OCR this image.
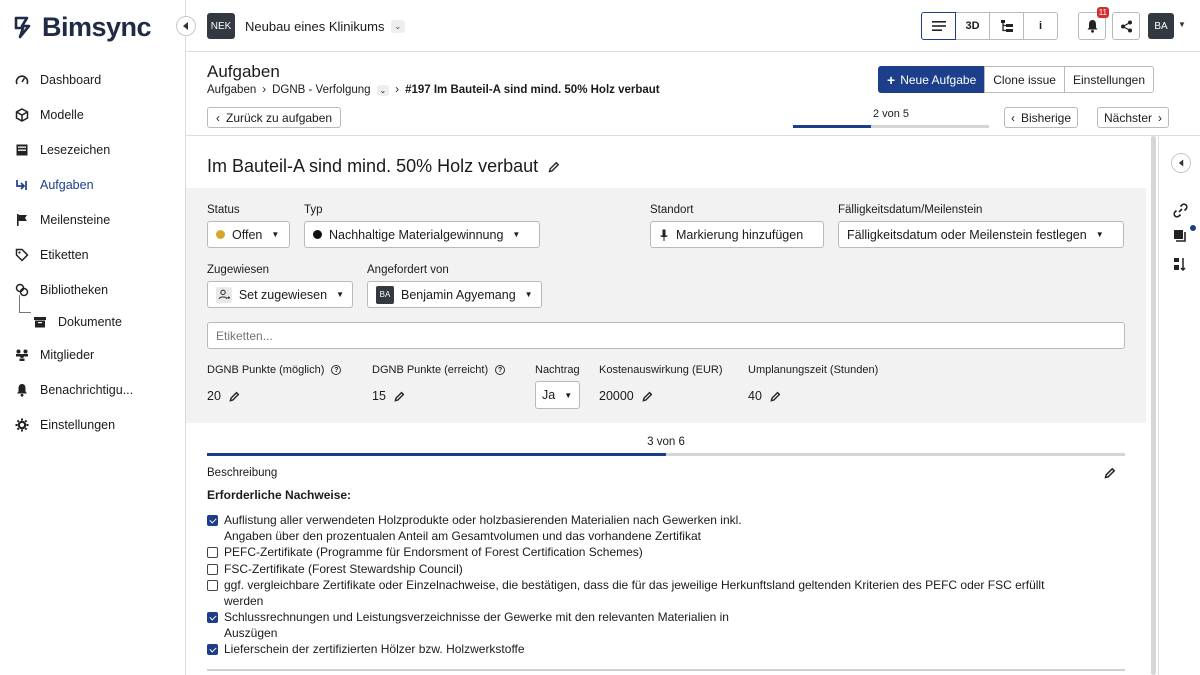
Bimsync
Dashboard
Modelle
Lesezeichen
Aufgaben
Meilensteine
Etiketten
Bibliotheken
Dokumente
Mitglieder
Benachrichtigu...
Einstellungen
NEK Neubau eines Klinikums	⌄	3D	i
11
BA	▼
Aufgaben
Aufgaben › DGNB - Verfolgung	⌄ › #197 Im Bauteil-A sind mind. 50% Holz verbaut
‹ Zurück zu aufgaben
+ Neue Aufgabe	Clone issue	Einstellungen
2 von 5	‹ Bisherige	Nächster ›
Im Bauteil-A sind mind. 50% Holz verbaut
Status
Offen ▼
Typ
Nachhaltige Materialgewinnung ▼
Standort
Markierung hinzufügen
Fälligkeitsdatum/Meilenstein
Fälligkeitsdatum oder Meilenstein festlegen ▼
Zugewiesen
Set zugewiesen ▼
Angefordert von
BA Benjamin Agyemang ▼
Etiketten...
DGNB Punkte (möglich)	?
20
DGNB Punkte (erreicht)	?
15
Nachtrag
Ja ▼
Kostenauswirkung (EUR)
20000
Umplanungszeit (Stunden)
40
3 von 6
Beschreibung
Erforderliche Nachweise:
Auflistung aller verwendeten Holzprodukte oder holzbasierenden Materialien nach Gewerken inkl.
Angaben über den prozentualen Anteil am Gesamtvolumen und das vorhandene Zertifikat
PEFC-Zertifikate (Programme für Endorsment of Forest Certification Schemes)
FSC-Zertifikate (Forest Stewardship Council)
ggf. vergleichbare Zertifikate oder Einzelnachweise, die bestätigen, dass die für das jeweilige Herkunftsland geltenden Kriterien des PEFC oder FSC erfüllt
werden
Schlussrechnungen und Leistungsverzeichnisse der Gewerke mit den relevanten Materialien in
Auszügen
Lieferschein der zertifizierten Hölzer bzw. Holzwerkstoffe
